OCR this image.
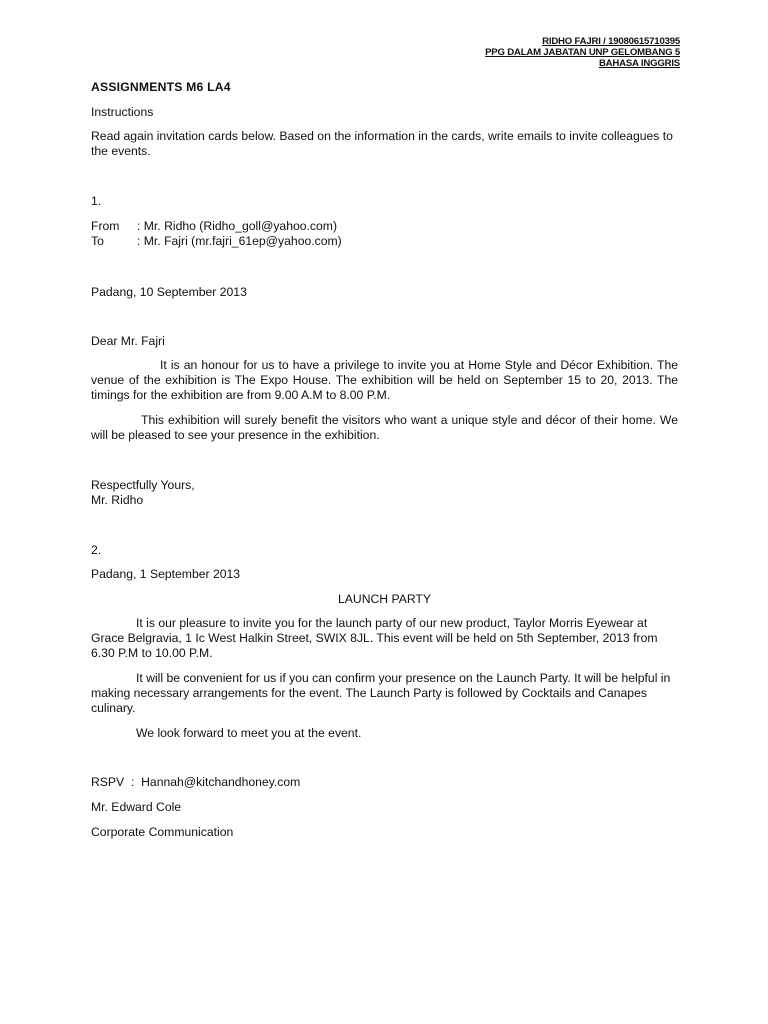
RIDHO FAJRI / 19080615710395
PPG DALAM JABATAN UNP GELOMBANG 5
BAHASA INGGRIS
ASSIGNMENTS M6 LA4
Instructions
Read again invitation cards below. Based on the information in the cards, write emails to invite colleagues to the events.
1.
From : Mr. Ridho (Ridho_goll@yahoo.com)
To	: Mr. Fajri (mr.fajri_61ep@yahoo.com)
Padang, 10 September 2013
Dear Mr. Fajri
It is an honour for us to have a privilege to invite you at Home Style and Décor Exhibition. The venue of the exhibition is The Expo House. The exhibition will be held on September 15 to 20, 2013. The timings for the exhibition are from 9.00 A.M to 8.00 P.M.
This exhibition will surely benefit the visitors who want a unique style and décor of their home. We will be pleased to see your presence in the exhibition.
Respectfully Yours,
Mr. Ridho
2.
Padang, 1 September 2013
LAUNCH PARTY
It is our pleasure to invite you for the launch party of our new product, Taylor Morris Eyewear at Grace Belgravia, 1 Ic West Halkin Street, SWIX 8JL. This event will be held on 5th September, 2013 from 6.30 P.M to 10.00 P.M.
It will be convenient for us if you can confirm your presence on the Launch Party. It will be helpful in making necessary arrangements for the event. The Launch Party is followed by Cocktails and Canapes culinary.
We look forward to meet you at the event.
RSPV  :  Hannah@kitchandhoney.com
Mr. Edward Cole
Corporate Communication
